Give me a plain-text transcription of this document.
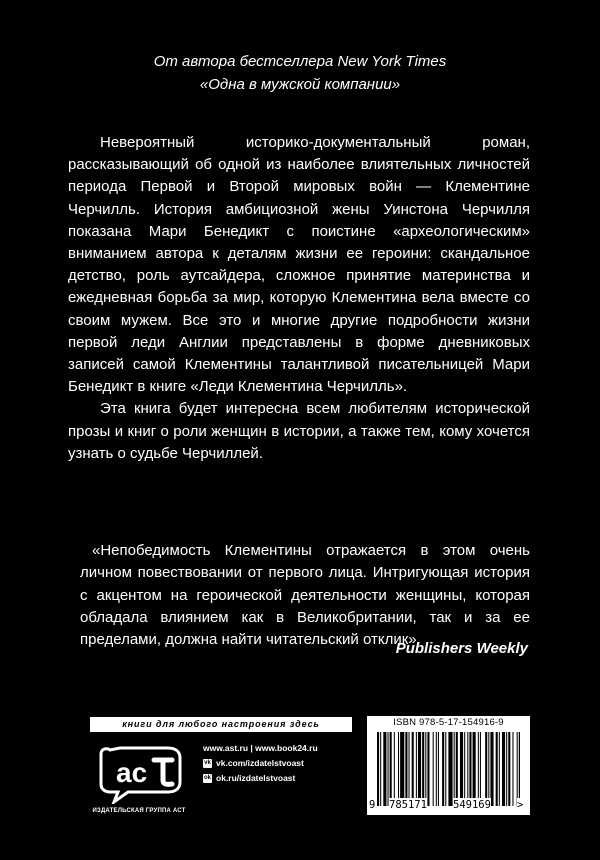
От автора бестселлера New York Times
«Одна в мужской компании»

Невероятный историко-документальный роман, рассказывающий об одной из наиболее влиятельных личностей периода Первой и Второй мировых войн — Клементине Черчилль. История амбициозной жены Уинстона Черчилля показана Мари Бенедикт с поистине «археологическим» вниманием автора к деталям жизни ее героини: скандальное детство, роль аутсайдера, сложное принятие материнства и ежедневная борьба за мир, которую Клементина вела вместе со своим мужем. Все это и многие другие подробности жизни первой леди Англии представлены в форме дневниковых записей самой Клементины талантливой писательницей Мари Бенедикт в книге «Леди Клементина Черчилль».

Эта книга будет интересна всем любителям исторической прозы и книг о роли женщин в истории, а также тем, кому хочется узнать о судьбе Черчиллей.

«Непобедимость Клементины отражается в этом очень личном повествовании от первого лица. Интригующая история с акцентом на героической деятельности женщины, которая обладала влиянием как в Великобритании, так и за ее пределами, должна найти читательский отклик».

Publishers Weekly
книги для любого настроения здесь
ac
ИЗДАТЕЛЬСКАЯ ГРУППА АСТ
www.ast.ru | www.book24.ru
vk vk.com/izdatelstvoast
ok ok.ru/izdatelstvoast
ISBN 978-5-17-154916-9
9 785171 549169 >
